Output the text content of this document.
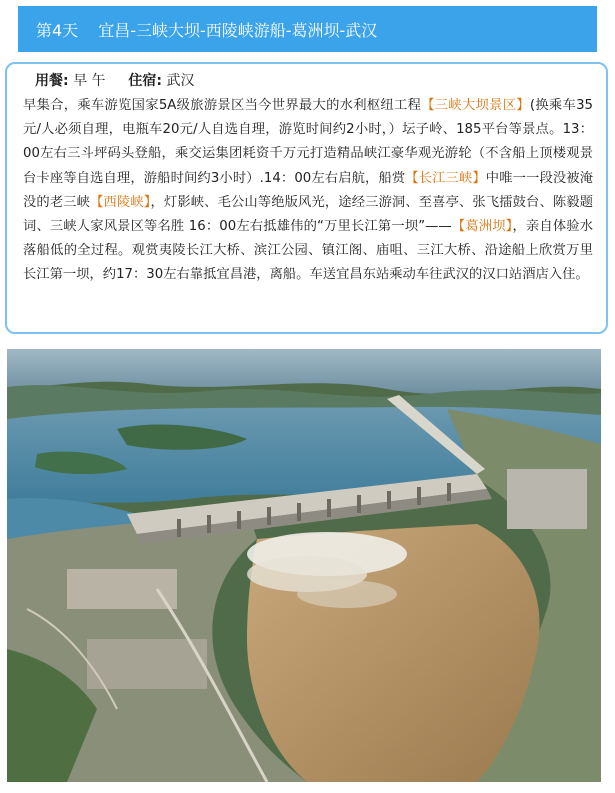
第4天 宜昌-三峡大坝-西陵峡游船-葛洲坝-武汉
用餐: 早 午 住宿: 武汉

早集合，乘车游览国家5A级旅游景区当今世界最大的水利枢纽工程【三峡大坝景区】(换乘车35元/人必须自理，电瓶车20元/人自选自理，游览时间约2小时，）坛子岭、185平台等景点。13：00左右三斗坪码头登船，乘交运集团耗资千万元打造精品峡江豪华观光游轮（不含船上顶楼观景台卡座等自选自理，游船时间约3小时）.14：00左右启航，船赏【长江三峡】中唯一一段没被淹没的老三峡【西陵峡】，灯影峡、毛公山等绝版风光，途经三游洞、至喜亭、张飞擂鼓台、陈毅题词、三峡人家风景区等名胜 16：00左右抵雄伟的“万里长江第一坝”——【葛洲坝】，亲自体验水落船低的全过程。观赏夷陵长江大桥、滨江公园、镇江阁、庙咀、三江大桥、沿途船上欣赏万里长江第一坝，约17：30左右靠抵宜昌港，离船。车送宜昌东站乘动车往武汉的汉口站酒店入住。
